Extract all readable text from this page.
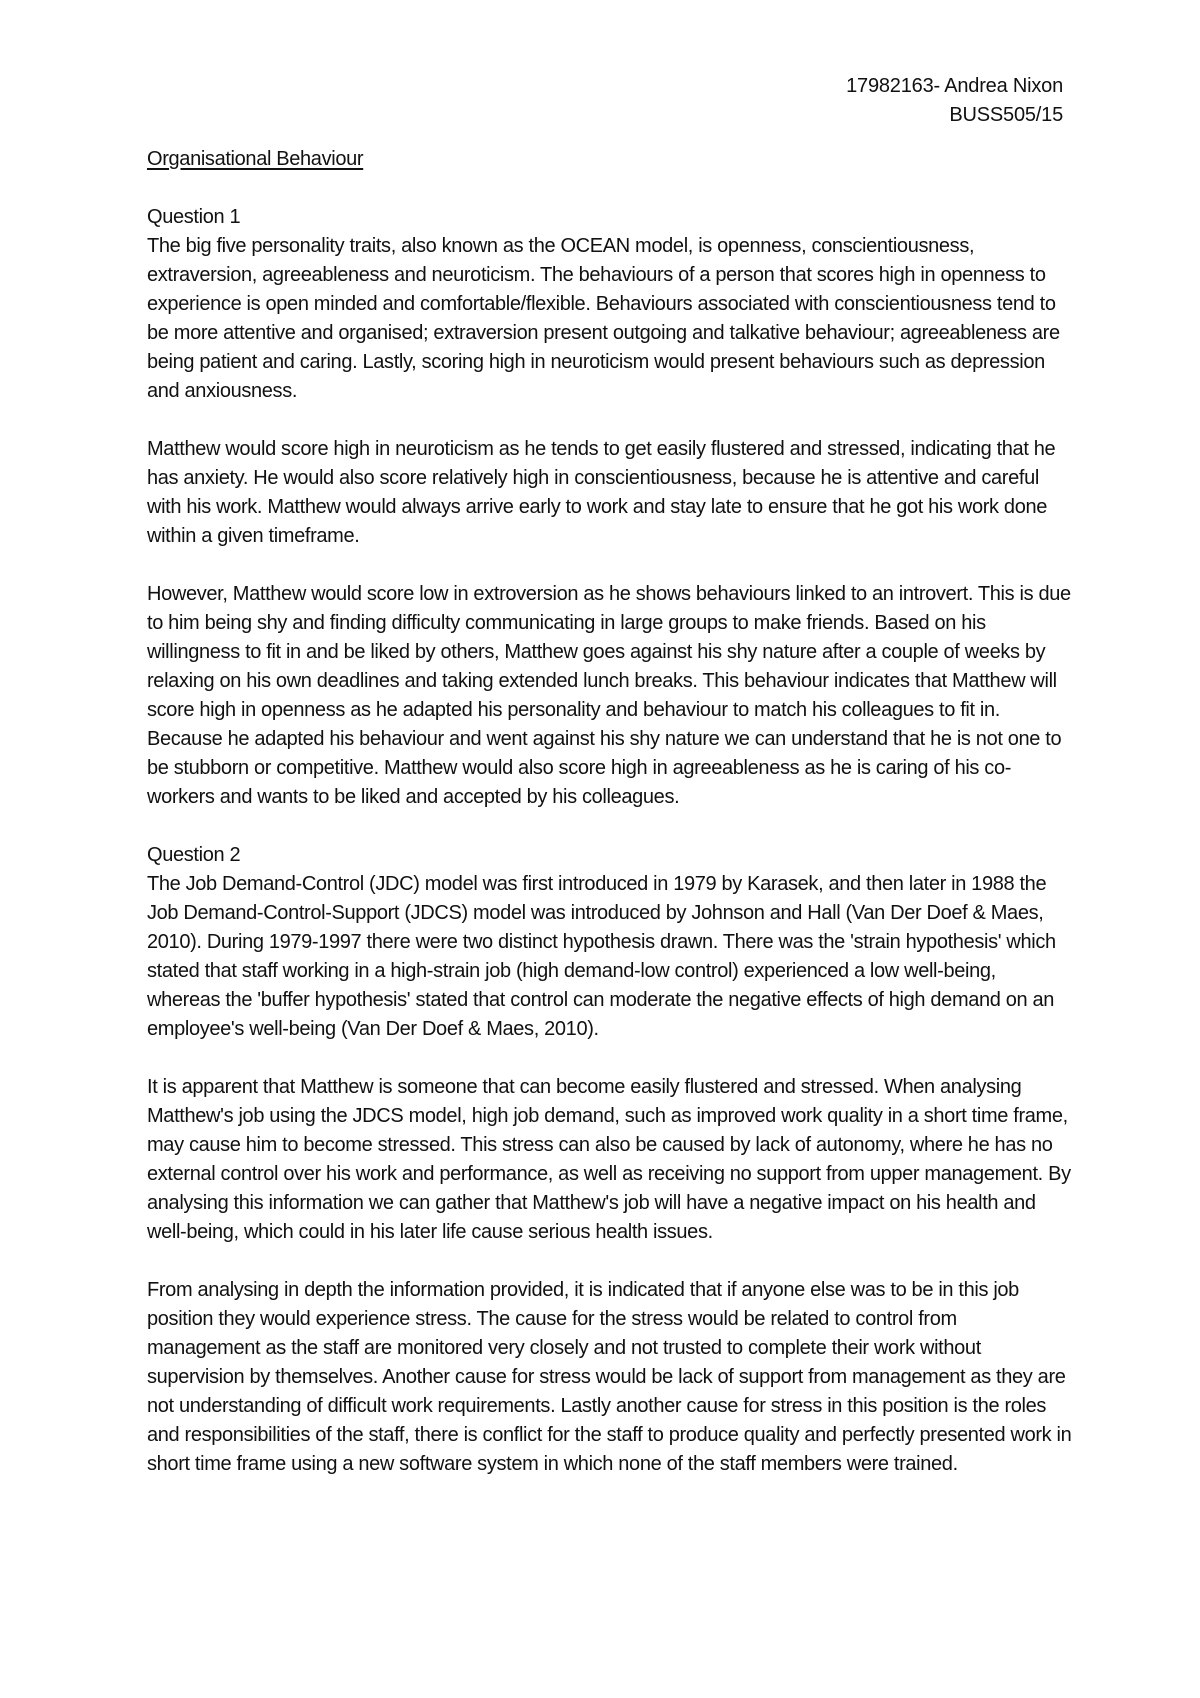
17982163- Andrea Nixon
BUSS505/15

Organisational Behaviour

Question 1

The big five personality traits, also known as the OCEAN model, is openness, conscientiousness, extraversion, agreeableness and neuroticism. The behaviours of a person that scores high in openness to experience is open minded and comfortable/flexible. Behaviours associated with conscientiousness tend to be more attentive and organised; extraversion present outgoing and talkative behaviour; agreeableness are being patient and caring. Lastly, scoring high in neuroticism would present behaviours such as depression and anxiousness.

Matthew would score high in neuroticism as he tends to get easily flustered and stressed, indicating that he has anxiety. He would also score relatively high in conscientiousness, because he is attentive and careful with his work. Matthew would always arrive early to work and stay late to ensure that he got his work done within a given timeframe.

However, Matthew would score low in extroversion as he shows behaviours linked to an introvert. This is due to him being shy and finding difficulty communicating in large groups to make friends. Based on his willingness to fit in and be liked by others, Matthew goes against his shy nature after a couple of weeks by relaxing on his own deadlines and taking extended lunch breaks. This behaviour indicates that Matthew will score high in openness as he adapted his personality and behaviour to match his colleagues to fit in. Because he adapted his behaviour and went against his shy nature we can understand that he is not one to be stubborn or competitive. Matthew would also score high in agreeableness as he is caring of his co-workers and wants to be liked and accepted by his colleagues.

Question 2

The Job Demand-Control (JDC) model was first introduced in 1979 by Karasek, and then later in 1988 the Job Demand-Control-Support (JDCS) model was introduced by Johnson and Hall (Van Der Doef & Maes, 2010). During 1979-1997 there were two distinct hypothesis drawn. There was the 'strain hypothesis' which stated that staff working in a high-strain job (high demand-low control) experienced a low well-being, whereas the 'buffer hypothesis' stated that control can moderate the negative effects of high demand on an employee's well-being (Van Der Doef & Maes, 2010).

It is apparent that Matthew is someone that can become easily flustered and stressed. When analysing Matthew's job using the JDCS model, high job demand, such as improved work quality in a short time frame, may cause him to become stressed. This stress can also be caused by lack of autonomy, where he has no external control over his work and performance, as well as receiving no support from upper management. By analysing this information we can gather that Matthew's job will have a negative impact on his health and well-being, which could in his later life cause serious health issues.

From analysing in depth the information provided, it is indicated that if anyone else was to be in this job position they would experience stress. The cause for the stress would be related to control from management as the staff are monitored very closely and not trusted to complete their work without supervision by themselves. Another cause for stress would be lack of support from management as they are not understanding of difficult work requirements. Lastly another cause for stress in this position is the roles and responsibilities of the staff, there is conflict for the staff to produce quality and perfectly presented work in short time frame using a new software system in which none of the staff members were trained.
